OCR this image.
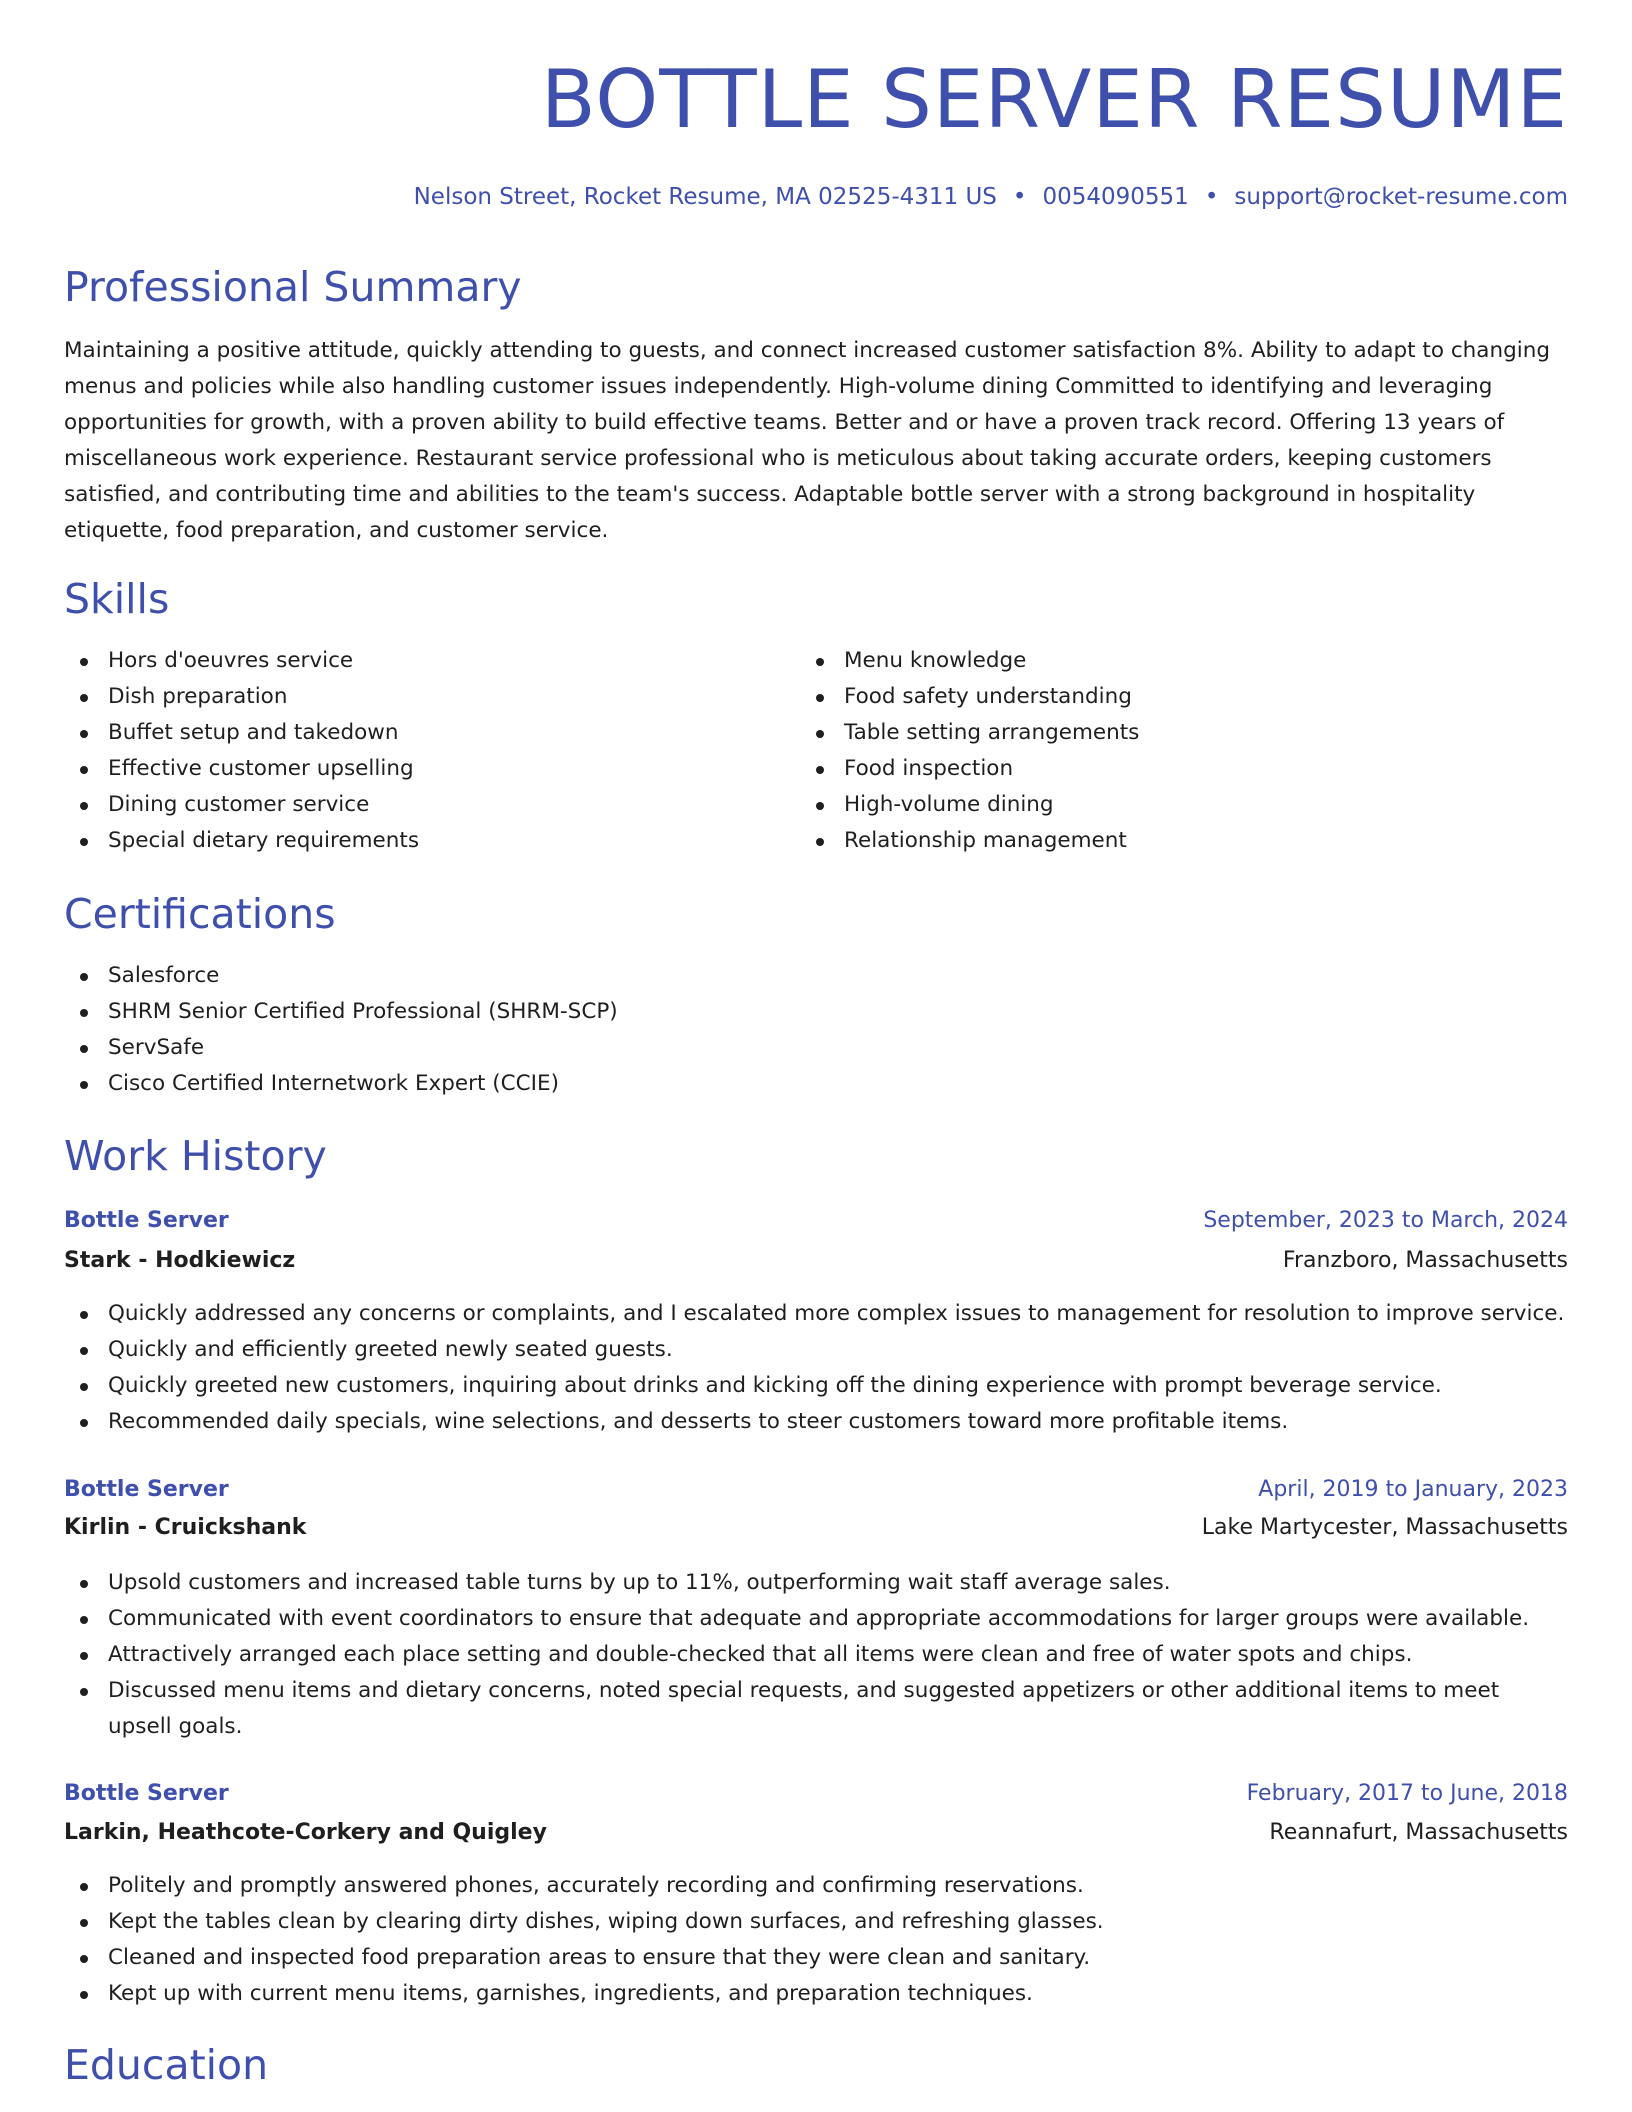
BOTTLE SERVER RESUME
Nelson Street, Rocket Resume, MA 02525-4311 US • 0054090551 • support@rocket-resume.com
Professional Summary

Maintaining a positive attitude, quickly attending to guests, and connect increased customer satisfaction 8%. Ability to adapt to changing menus and policies while also handling customer issues independently. High-volume dining Committed to identifying and leveraging opportunities for growth, with a proven ability to build effective teams. Better and or have a proven track record. Offering 13 years of miscellaneous work experience. Restaurant service professional who is meticulous about taking accurate orders, keeping customers satisfied, and contributing time and abilities to the team's success. Adaptable bottle server with a strong background in hospitality etiquette, food preparation, and customer service.

Skills
Hors d'oeuvres service
Dish preparation
Buffet setup and takedown
Effective customer upselling
Dining customer service
Special dietary requirements
Menu knowledge
Food safety understanding
Table setting arrangements
Food inspection
High-volume dining
Relationship management
Certifications
Salesforce
SHRM Senior Certified Professional (SHRM-SCP)
ServSafe
Cisco Certified Internetwork Expert (CCIE)
Work History
Bottle Server	September, 2023 to March, 2024
Stark - Hodkiewicz	Franzboro, Massachusetts
Quickly addressed any concerns or complaints, and I escalated more complex issues to management for resolution to improve service.
Quickly and efficiently greeted newly seated guests.
Quickly greeted new customers, inquiring about drinks and kicking off the dining experience with prompt beverage service.
Recommended daily specials, wine selections, and desserts to steer customers toward more profitable items.
Bottle Server	April, 2019 to January, 2023
Kirlin - Cruickshank	Lake Martycester, Massachusetts
Upsold customers and increased table turns by up to 11%, outperforming wait staff average sales.
Communicated with event coordinators to ensure that adequate and appropriate accommodations for larger groups were available.
Attractively arranged each place setting and double-checked that all items were clean and free of water spots and chips.
Discussed menu items and dietary concerns, noted special requests, and suggested appetizers or other additional items to meet upsell goals.
Bottle Server	February, 2017 to June, 2018
Larkin, Heathcote-Corkery and Quigley	Reannafurt, Massachusetts
Politely and promptly answered phones, accurately recording and confirming reservations.
Kept the tables clean by clearing dirty dishes, wiping down surfaces, and refreshing glasses.
Cleaned and inspected food preparation areas to ensure that they were clean and sanitary.
Kept up with current menu items, garnishes, ingredients, and preparation techniques.
Education
